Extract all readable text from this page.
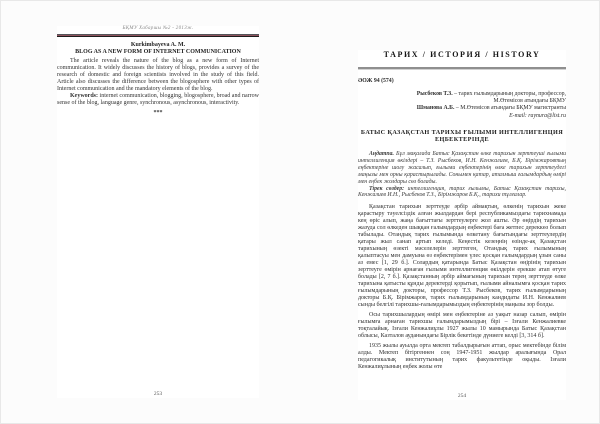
БҚМУ Хабаршы №2 - 2013ж.
Kurkimbayeva A. M.
BLOG AS A NEW FORM OF INTERNET COMMUNICATION
The article reveals the nature of the blog as a new form of Internet communication. It widely discusses the history of blogs, provides a survey of the research of domestic and foreign scientists involved in the study of this field. Article also discusses the difference between the blogosphere with other types of Internet communication and the mandatory elements of the blog.
Keywords: internet communication, blogging, blogosphere, broad and narrow sense of the blog, language genre, synchronous, asynchronous, interactivity.
***
253
ТАРИХ / ИСТОРИЯ / HISTORY
ӘОЖ 94 (574)
Рысбеков Т.З. – тарих ғылымдарының докторы, профессор,
М.Өтемісов атындағы БҚМУ
Шманова А.Б. – М.Өтемісов атындағы БҚМУ магистранты
E-mail: raynura@list.ru
БАТЫС ҚАЗАҚСТАН ТАРИХЫ ҒЫЛЫМИ ИНТЕЛЛИГЕНЦИЯ ЕҢБЕКТЕРІНДЕ
Аңдатпа. Бұл мақалада Батыс Қазақстан өлке тарихын зерттеуші ғылыми интеллигенция өкілдері – Т.З. Рысбеков, И.Н. Кенжалиев, Б.Қ. Бірімжаровтың еңбектеріне шолу жасалып, ғылыми еңбектерінің өлке тарихын зерттеудегі маңызы мен орны қарастырылады. Сонымен қатар, аталмыш ғалымдардың өмірі мен еңбек жолдары сөз болады.
Тірек сөздер: интеллигенция, тарих ғылымы, Батыс Қазақстан тарихы, Кенжалиев И.Н., Рысбеков Т.З., Бірімжаров Б.Қ., тарихи тұлғалар.
Қазақстан тарихын зерттеуде әрбір аймақтың, өлкенің тарихын жеке қарастыру тәуелсіздік алған жылдардан бері республикамыздағы тарихнамада кең өріс алып, жаңа бағыттағы зерттеулерге жол ашты. Әр өңірдің тарихын жазуда сол өлкеден шыққан ғалымдардың еңбектері баға жетпес дереккөз болып табылады. Отандық тарих ғылымында өлкетану бағытындағы зерттеулердің қатары жыл санап артып келеді. Кеңестік кезеңнің өзінде-ақ Қазақстан тарихының өзекті мәселелерін зерттеген, Отандық тарих ғылымының қалыптасуы мен дамуына өз еңбектерімен үлес қосқан ғалымдардың ұзын саны аз емес [1, 29 б.]. Солардың қатарында Батыс Қазақстан өңірінің тарихын зерттеуге өмірін арнаған ғылыми интеллигенция өкілдерін ерекше атап өтуге болады [2, 7 б.]. Қазақстанның әрбір аймағының тарихын терең зерттеуде өлке тарихына қатысты құнды деректерді қорытып, ғылыми айналымға қосқан тарих ғылымдарының докторы, профессор Т.З. Рысбеков, тарих ғылымдарының докторы Б.Қ. Бірімжаров, тарих ғылымдарының кандидаты И.Н. Кенжалиев сынды белгілі тарихшы-ғалымдарымыздың еңбектерінің маңызы зор болды.
Осы тарихшылардың өмірі мен еңбектеріне аз уақыт назар салып, өмірін ғылымға арнаған тарихшы ғалымдарымыздың бірі – Ізғали Кенжалиевке тоқталайық. Ізғали Кенжалиұлы 1927 жылы 10 мамырында Батыс Қазақстан облысы, Казталов ауданындағы Бірлік бекетінде дүниеге келді [3, 314 б].
1935 жылы ауылда орта мектеп табалдырығын аттап, орыс мектебінде білім алды. Мектеп бітіргеннен соң 1947-1951 жылдар аралығында Орал педагогикалық институтының тарих факультетінде оқыды. Ізғали Кенжалиұлының еңбек жолы өте
254
